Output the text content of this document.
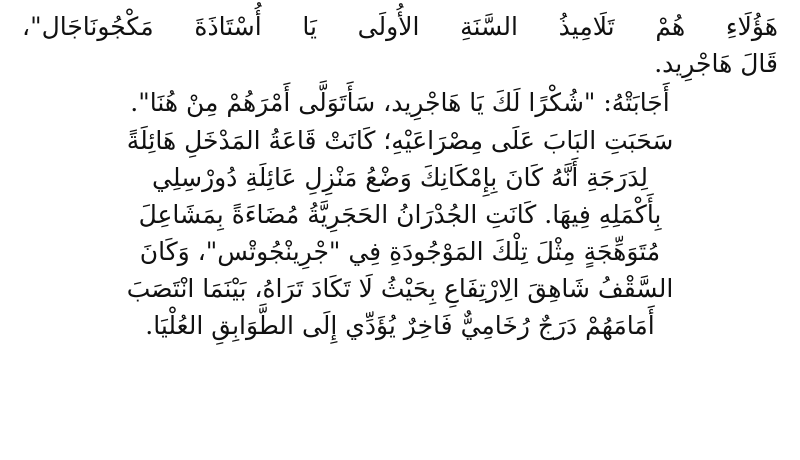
هَؤُلَاءِ هُمْ تَلَامِيذُ السَّنَةِ الأُولَى يَا أُسْتَاذَةَ مَكْجُونَاجَال"،
قَالَ هَاجْرِيد.
أَجَابَتْهُ: "شُكْرًا لَكَ يَا هَاجْرِيد، سَأَتَوَلَّى أَمْرَهُمْ مِنْ هُنَا".
سَحَبَتِ البَابَ عَلَى مِصْرَاعَيْهِ؛ كَانَتْ قَاعَةُ المَدْخَلِ هَائِلَةً
لِدَرَجَةِ أَنَّهُ كَانَ بِإِمْكَانِكَ وَضْعُ مَنْزِلِ عَائِلَةِ دُورْسِلِي
بِأَكْمَلِهِ فِيهَا. كَانَتِ الجُدْرَانُ الحَجَرِيَّةُ مُضَاءَةً بِمَشَاعِلَ
مُتَوَهِّجَةٍ مِثْلَ تِلْكَ المَوْجُودَةِ فِي "جْرِينْجُوتْس"، وَكَانَ
السَّقْفُ شَاهِقَ الِارْتِفَاعِ بِحَيْثُ لَا تَكَادَ تَرَاهُ، بَيْنَمَا انْتَصَبَ
أَمَامَهُمْ دَرَجٌ رُخَامِيٌّ فَاخِرٌ يُؤَدِّي إِلَى الطَّوَابِقِ العُلْيَا.
